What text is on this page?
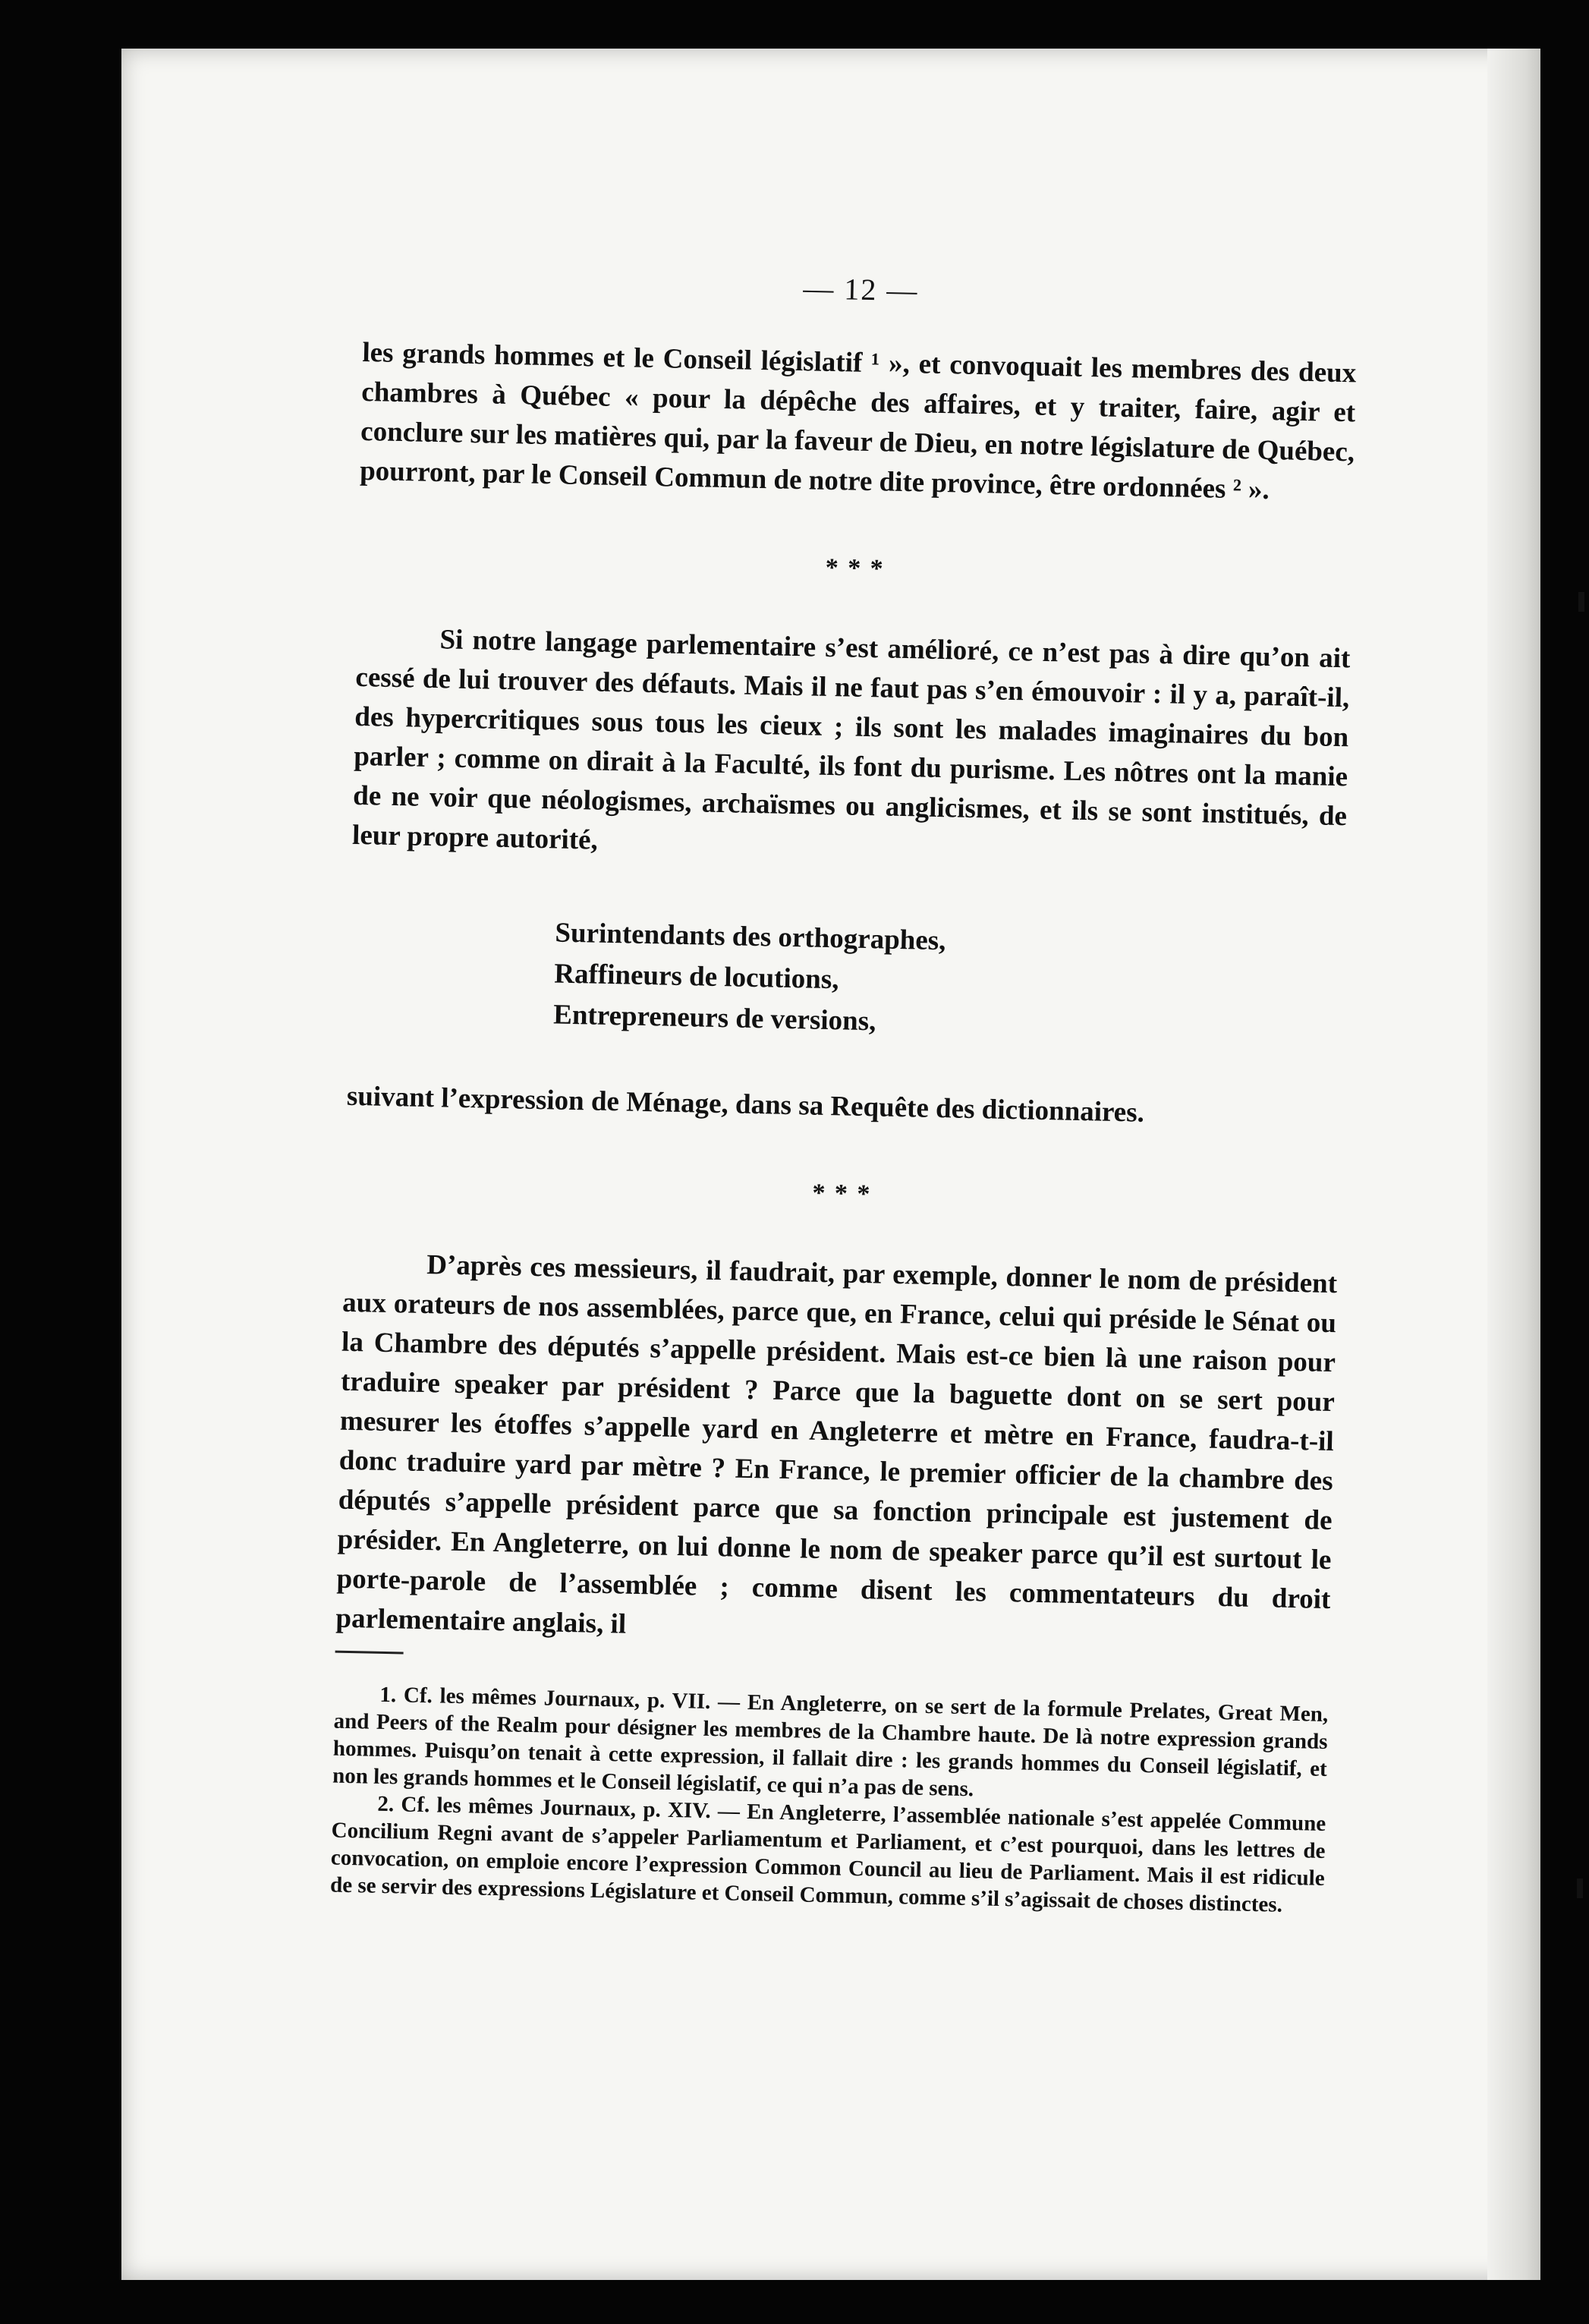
— 12 —

les grands hommes et le Conseil législatif ¹ », et convoquait les membres des deux chambres à Québec « pour la dépêche des affaires, et y traiter, faire, agir et conclure sur les matières qui, par la faveur de Dieu, en notre législature de Québec, pourront, par le Conseil Commun de notre dite province, être ordonnées ² ».

* * *

Si notre langage parlementaire s’est amélioré, ce n’est pas à dire qu’on ait cessé de lui trouver des défauts. Mais il ne faut pas s’en émouvoir : il y a, paraît-il, des hypercritiques sous tous les cieux ; ils sont les malades imaginaires du bon parler ; comme on dirait à la Faculté, ils font du purisme. Les nôtres ont la manie de ne voir que néologismes, archaïsmes ou anglicismes, et ils se sont institués, de leur propre autorité,

Surintendants des orthographes,
Raffineurs de locutions,
Entrepreneurs de versions,

suivant l’expression de Ménage, dans sa Requête des dictionnaires.

* * *

D’après ces messieurs, il faudrait, par exemple, donner le nom de président aux orateurs de nos assemblées, parce que, en France, celui qui préside le Sénat ou la Chambre des députés s’appelle président. Mais est-ce bien là une raison pour traduire speaker par président ? Parce que la baguette dont on se sert pour mesurer les étoffes s’appelle yard en Angleterre et mètre en France, faudra-t-il donc traduire yard par mètre ? En France, le premier officier de la chambre des députés s’appelle président parce que sa fonction principale est justement de présider. En Angleterre, on lui donne le nom de speaker parce qu’il est surtout le porte-parole de l’assemblée ; comme disent les commentateurs du droit parlementaire anglais, il

1. Cf. les mêmes Journaux, p. VII. — En Angleterre, on se sert de la formule Prelates, Great Men, and Peers of the Realm pour désigner les membres de la Chambre haute. De là notre expression grands hommes. Puisqu’on tenait à cette expression, il fallait dire : les grands hommes du Conseil législatif, et non les grands hommes et le Conseil législatif, ce qui n’a pas de sens.

2. Cf. les mêmes Journaux, p. XIV. — En Angleterre, l’assemblée nationale s’est appelée Commune Concilium Regni avant de s’appeler Parliamentum et Parliament, et c’est pourquoi, dans les lettres de convocation, on emploie encore l’expression Common Council au lieu de Parliament. Mais il est ridicule de se servir des expressions Législature et Conseil Commun, comme s’il s’agissait de choses distinctes.
